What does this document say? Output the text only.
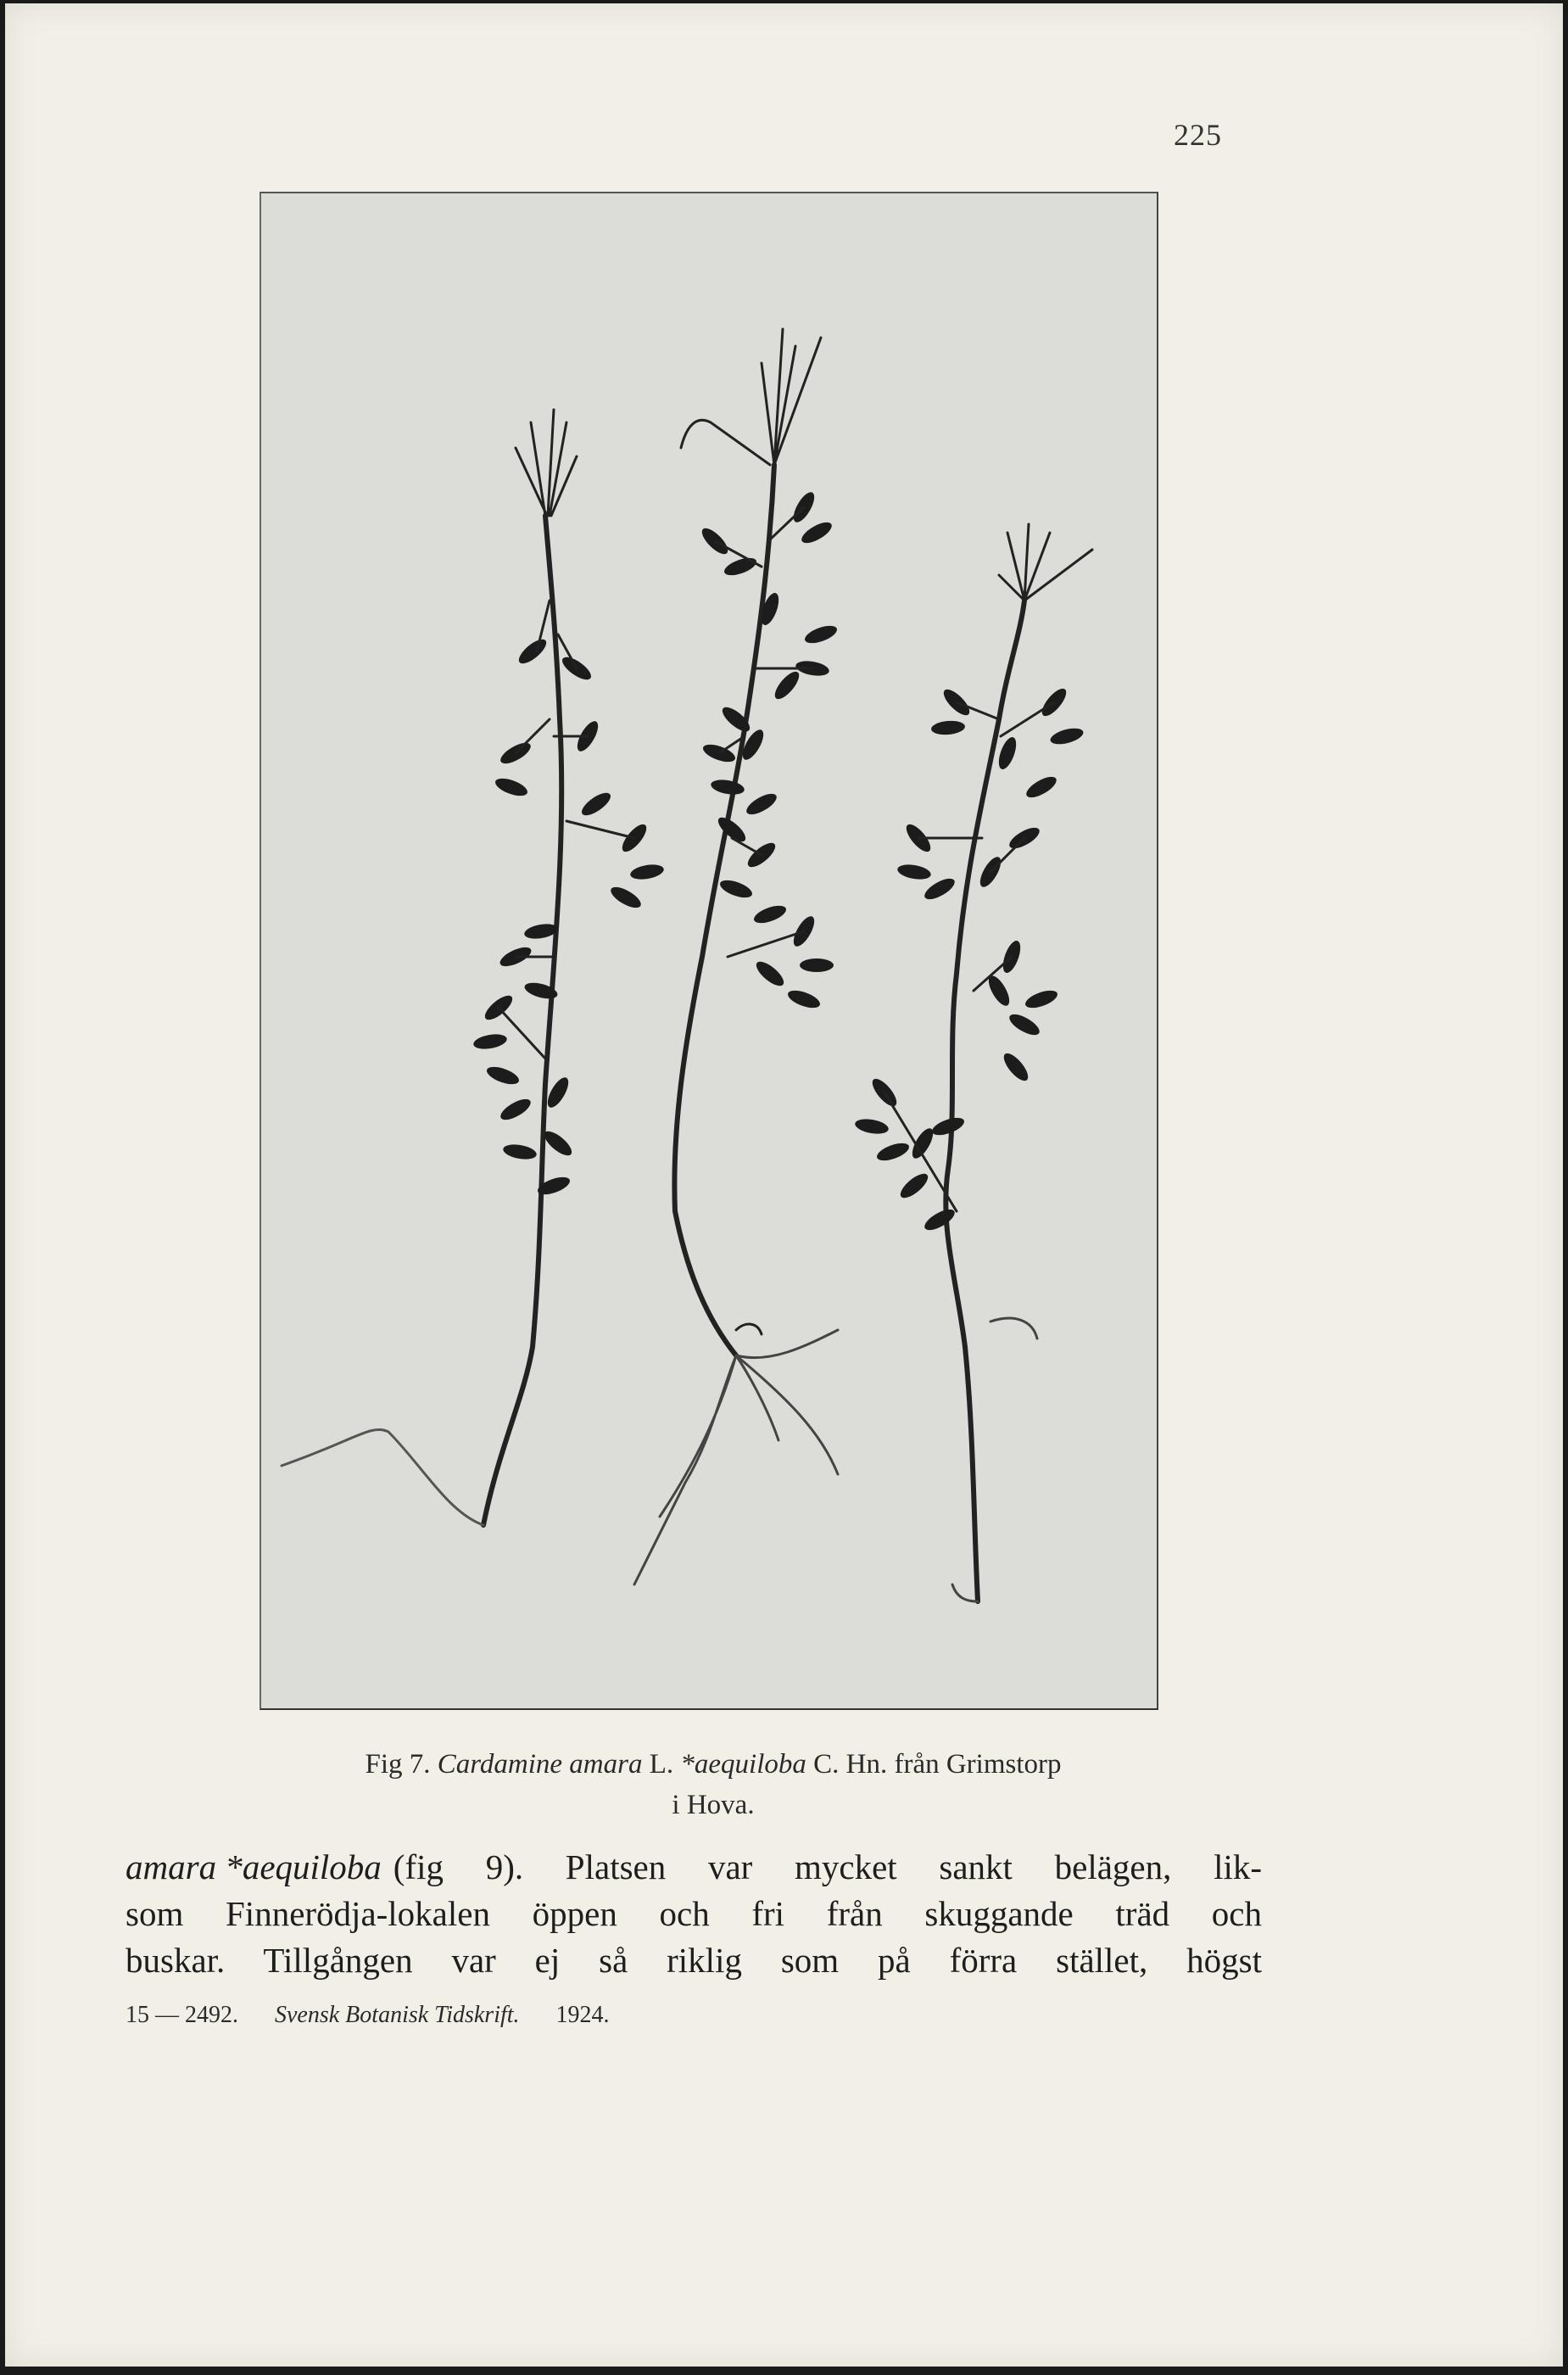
225
Fig 7. Cardamine amara L. *aequiloba C. Hn. från Grimstorp
i Hova.
amara *aequiloba (fig 9). Platsen var mycket sankt belägen, lik-
som Finnerödja-lokalen öppen och fri från skuggande träd och
buskar. Tillgången var ej så riklig som på förra stället, högst
15 — 2492. Svensk Botanisk Tidskrift. 1924.
